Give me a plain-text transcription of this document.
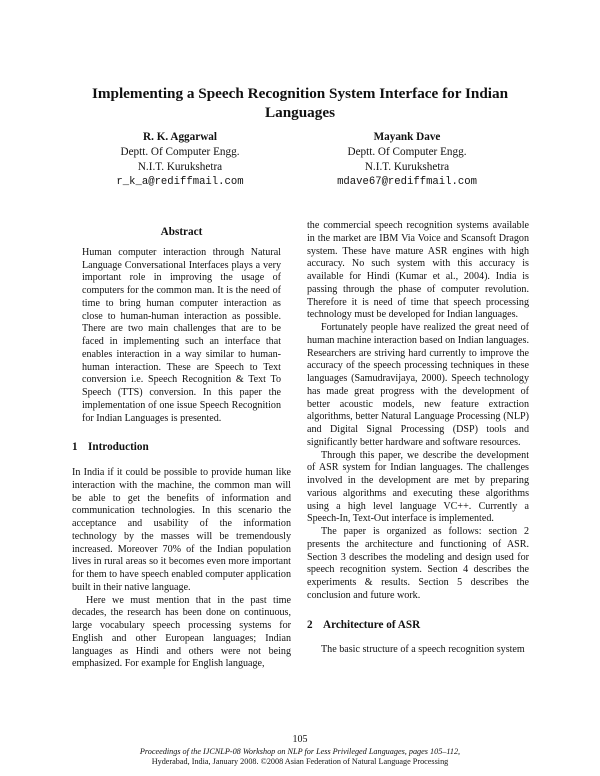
Implementing a Speech Recognition System Interface for Indian Languages
R. K. Aggarwal
Deptt. Of Computer Engg.
N.I.T. Kurukshetra
r_k_a@rediffmail.com
Mayank Dave
Deptt. Of Computer Engg.
N.I.T. Kurukshetra
mdave67@rediffmail.com
Abstract

Human computer interaction through Natural Language Conversational Interfaces plays a very important role in improving the usage of computers for the common man. It is the need of time to bring human computer interaction as close to human-human interaction as possible. There are two main challenges that are to be faced in implementing such an interface that enables interaction in a way similar to human-human interaction. These are Speech to Text conversion i.e. Speech Recognition & Text To Speech (TTS) conversion. In this paper the implementation of one issue Speech Recognition for Indian Languages is presented.

1 Introduction

In India if it could be possible to provide human like interaction with the machine, the common man will be able to get the benefits of information and communication technologies. In this scenario the acceptance and usability of the information technology by the masses will be tremendously increased. Moreover 70% of the Indian population lives in rural areas so it becomes even more important for them to have speech enabled computer application built in their native language.

Here we must mention that in the past time decades, the research has been done on continuous, large vocabulary speech processing systems for English and other European languages; Indian languages as Hindi and others were not being emphasized. For example for English language,

the commercial speech recognition systems available in the market are IBM Via Voice and Scansoft Dragon system. These have mature ASR engines with high accuracy. No such system with this accuracy is available for Hindi (Kumar et al., 2004). India is passing through the phase of computer revolution. Therefore it is need of time that speech processing technology must be developed for Indian languages.

Fortunately people have realized the great need of human machine interaction based on Indian languages. Researchers are striving hard currently to improve the accuracy of the speech processing techniques in these languages (Samudravijaya, 2000). Speech technology has made great progress with the development of better acoustic models, new feature extraction algorithms, better Natural Language Processing (NLP) and Digital Signal Processing (DSP) tools and significantly better hardware and software resources.

Through this paper, we describe the development of ASR system for Indian languages. The challenges involved in the development are met by preparing various algorithms and executing these algorithms using a high level language VC++. Currently a Speech-In, Text-Out interface is implemented.

The paper is organized as follows: section 2 presents the architecture and functioning of ASR. Section 3 describes the modeling and design used for speech recognition system. Section 4 describes the experiments & results. Section 5 describes the conclusion and future work.

2 Architecture of ASR

The basic structure of a speech recognition system

105
Proceedings of the IJCNLP-08 Workshop on NLP for Less Privileged Languages, pages 105–112,
Hyderabad, India, January 2008. ©2008 Asian Federation of Natural Language Processing
